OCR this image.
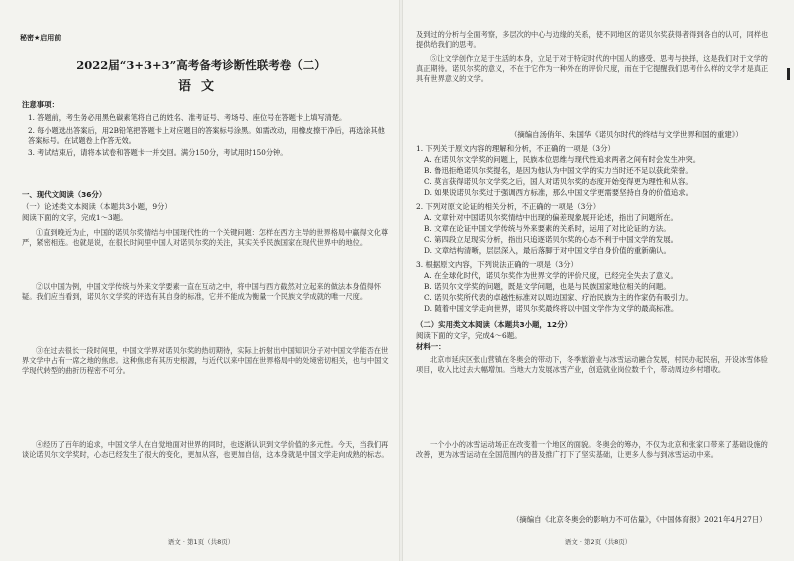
秘密★启用前
2022届“3+3+3”高考备考诊断性联考卷（二）
语文
注意事项：
1. 答题前，考生务必用黑色碳素笔将自己的姓名、准考证号、考场号、座位号在答题卡上填写清楚。
2. 每小题选出答案后，用2B铅笔把答题卡上对应题目的答案标号涂黑。如需改动，用橡皮擦干净后，再选涂其他答案标号。在试题卷上作答无效。
3. 考试结束后，请将本试卷和答题卡一并交回。满分150分，考试用时150分钟。
一、现代文阅读（36分）
（一）论述类文本阅读（本题共3小题，9分）
阅读下面的文字，完成1～3题。
①直到晚近为止，中国的诺贝尔奖情结与中国现代性的一个关键问题：怎样在西方主导的世界格局中赢得文化尊严，紧密相连。也就是说，在很长时间里中国人对诺贝尔奖的关注，其实关乎民族国家在现代世界中的地位。
②以中国为例，中国文学传统与外来文学要素一直在互动之中，将中国与西方截然对立起来的做法本身值得怀疑。我们应当看到，诺贝尔文学奖的评选有其自身的标准，它并不能成为衡量一个民族文学成就的唯一尺度。
③在过去很长一段时间里，中国文学界对诺贝尔奖的热切期待，实际上折射出中国知识分子对中国文学能否在世界文学中占有一席之地的焦虑。这种焦虑有其历史根源，与近代以来中国在世界格局中的处境密切相关，也与中国文学现代转型的曲折历程密不可分。
④经历了百年的追求，中国文学人在自觉地面对世界的同时，也逐渐认识到文学价值的多元性。今天，当我们再谈论诺贝尔文学奖时，心态已经发生了很大的变化，更加从容，也更加自信，这本身就是中国文学走向成熟的标志。
语文 · 第1页（共8页）
及到过的分析与全面考察，多层次的中心与边缘的关系，使不同地区的诺贝尔奖获得者得到各自的认可，同样也提供给我们的思考。
⑤让文学创作立足于生活的本身，立足于对于特定时代的中国人的感受、思考与抉择，这是我们对于文学的真正期待。诺贝尔奖的意义，不在于它作为一种外在的评价尺度，而在于它提醒我们思考什么样的文学才是真正具有世界意义的文学。
（摘编自汤俏年、朱国华《诺贝尔时代的终结与文学世界和国的重建》）
1. 下列关于原文内容的理解和分析，不正确的一项是（3分）
A. 在诺贝尔文学奖的问题上，民族本位思维与现代性追求两者之间有时会发生冲突。
B. 鲁迅拒绝诺贝尔奖提名，是因为他认为中国文学的实力当时还不足以获此荣誉。
C. 莫言获得诺贝尔文学奖之后，国人对诺贝尔奖的态度开始变得更为理性和从容。
D. 如果说诺贝尔奖过于强调西方标准，那么中国文学更需要坚持自身的价值追求。
2. 下列对原文论证的相关分析，不正确的一项是（3分）
A. 文章针对中国诺贝尔奖情结中出现的偏差现象展开论述，指出了问题所在。
B. 文章在论证中国文学传统与外来要素的关系时，运用了对比论证的方法。
C. 第四段立足现实分析，指出只追逐诺贝尔奖的心态不利于中国文学的发展。
D. 文章结构清晰，层层深入，最后落脚于对中国文学自身价值的重新确认。
3. 根据原文内容，下列说法正确的一项是（3分）
A. 在全球化时代，诺贝尔奖作为世界文学的评价尺度，已经完全失去了意义。
B. 诺贝尔文学奖的问题，既是文学问题，也是与民族国家地位相关的问题。
C. 诺贝尔奖所代表的卓越性标准对以周边国家、疗治民族为主的作家仍有吸引力。
D. 随着中国文学走向世界，诺贝尔奖最终将以中国文学作为文学的最高标准。
（二）实用类文本阅读（本题共3小题，12分）
阅读下面的文字，完成4～6题。
材料一：
北京市延庆区张山营镇在冬奥会的带动下，冬季旅游业与冰雪运动融合发展，村民办起民宿，开设冰雪体验项目，收入比过去大幅增加。当地大力发展冰雪产业，创造就业岗位数千个，带动周边乡村增收。
一个小小的冰雪运动场正在改变着一个地区的面貌。冬奥会的筹办，不仅为北京和张家口带来了基础设施的改善，更为冰雪运动在全国范围内的普及推广打下了坚实基础，让更多人参与到冰雪运动中来。
（摘编自《北京冬奥会的影响力不可估量》，《中国体育报》2021年4月27日）
语文 · 第2页（共8页）
